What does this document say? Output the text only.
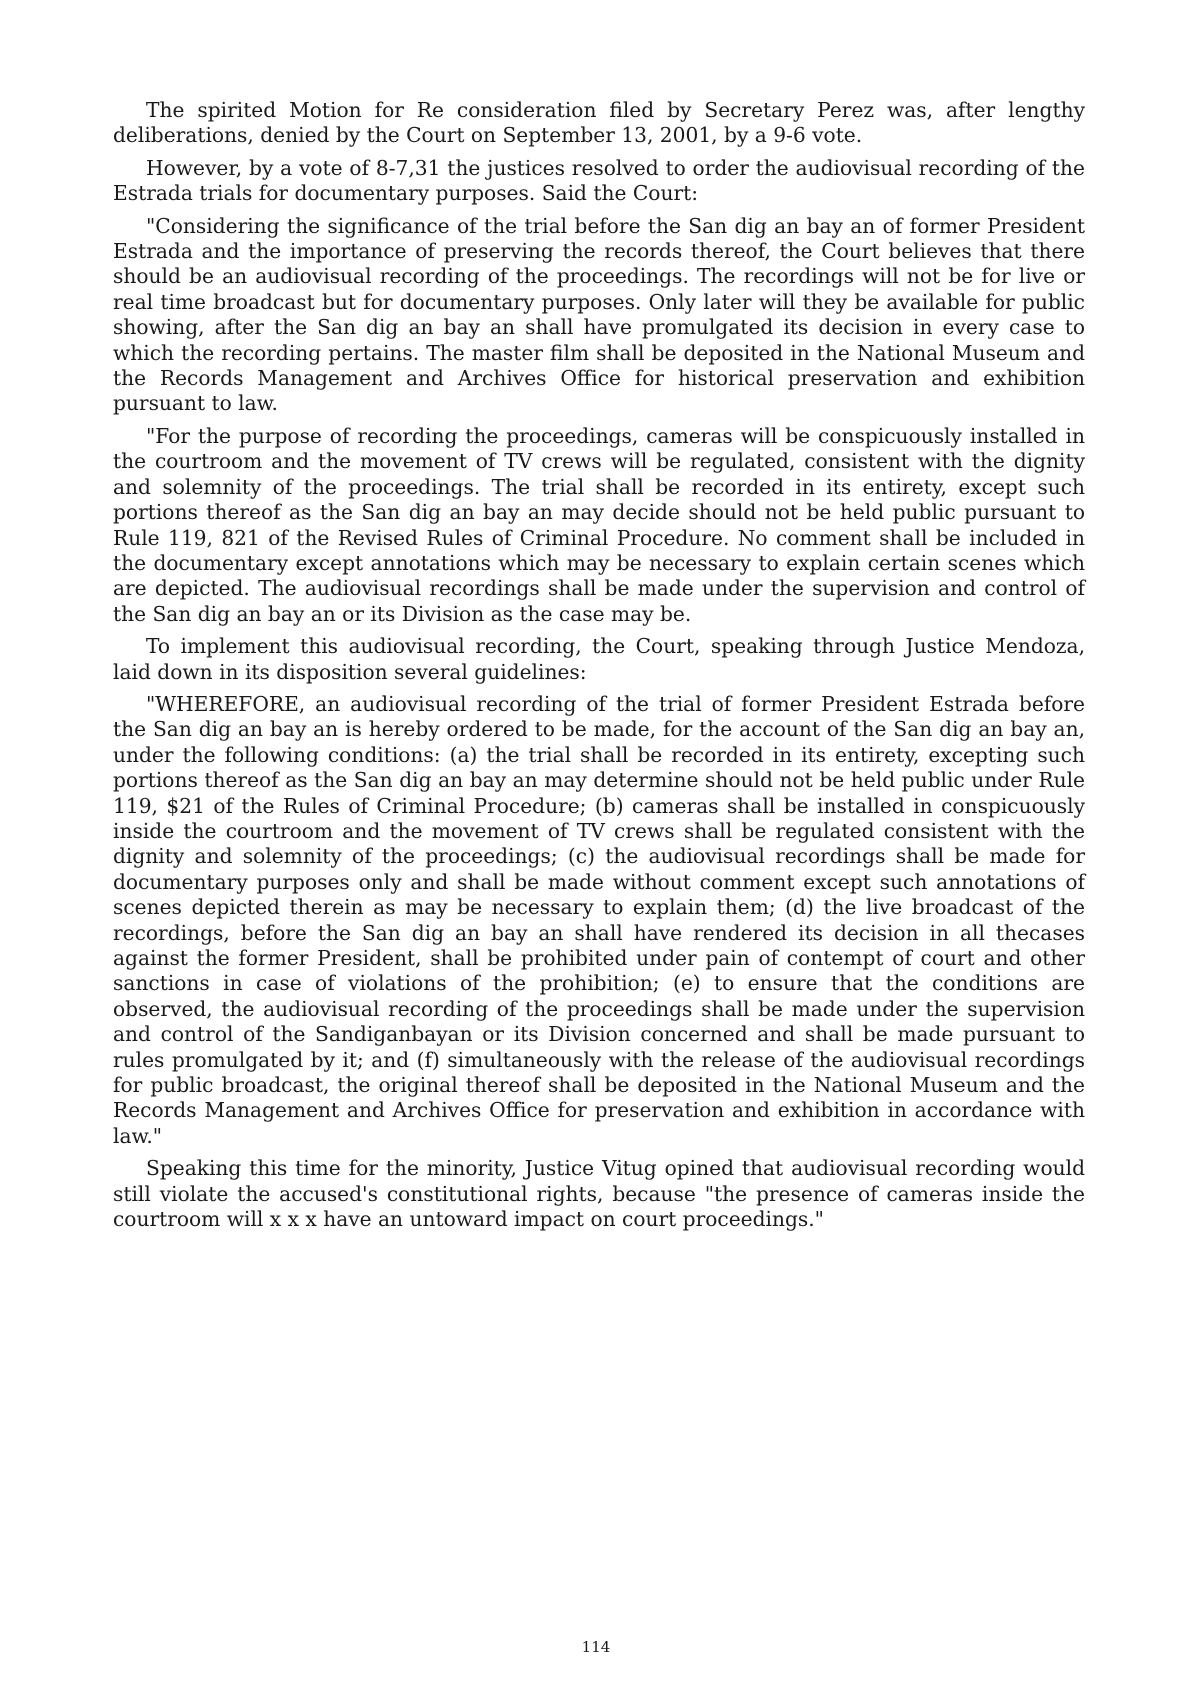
The spirited Motion for Re consideration filed by Secretary Perez was, after lengthy deliberations, denied by the Court on September 13, 2001, by a 9-6 vote.

However, by a vote of 8-7,31 the justices resolved to order the audiovisual recording of the Estrada trials for documentary purposes. Said the Court:

"Considering the significance of the trial before the San dig an bay an of former President Estrada and the importance of preserving the records thereof, the Court believes that there should be an audiovisual recording of the proceedings. The recordings will not be for live or real time broadcast but for documentary purposes. Only later will they be available for public showing, after the San dig an bay an shall have promulgated its decision in every case to which the recording pertains. The master film shall be deposited in the National Museum and the Records Management and Archives Office for historical preservation and exhibition pursuant to law.

"For the purpose of recording the proceedings, cameras will be conspicuously installed in the courtroom and the movement of TV crews will be regulated, consistent with the dignity and solemnity of the proceedings. The trial shall be recorded in its entirety, except such portions thereof as the San dig an bay an may decide should not be held public pursuant to Rule 119, 821 of the Revised Rules of Criminal Procedure. No comment shall be included in the documentary except annotations which may be necessary to explain certain scenes which are depicted. The audiovisual recordings shall be made under the supervision and control of the San dig an bay an or its Division as the case may be.

To implement this audiovisual recording, the Court, speaking through Justice Mendoza, laid down in its disposition several guidelines:

"WHEREFORE, an audiovisual recording of the trial of former President Estrada before the San dig an bay an is hereby ordered to be made, for the account of the San dig an bay an, under the following conditions: (a) the trial shall be recorded in its entirety, excepting such portions thereof as the San dig an bay an may determine should not be held public under Rule 119, $21 of the Rules of Criminal Procedure; (b) cameras shall be installed in conspicuously inside the courtroom and the movement of TV crews shall be regulated consistent with the dignity and solemnity of the proceedings; (c) the audiovisual recordings shall be made for documentary purposes only and shall be made without comment except such annotations of scenes depicted therein as may be necessary to explain them; (d) the live broadcast of the recordings, before the San dig an bay an shall have rendered its decision in all thecases against the former President, shall be prohibited under pain of contempt of court and other sanctions in case of violations of the prohibition; (e) to ensure that the conditions are observed, the audiovisual recording of the proceedings shall be made under the supervision and control of the Sandiganbayan or its Division concerned and shall be made pursuant to rules promulgated by it; and (f) simultaneously with the release of the audiovisual recordings for public broadcast, the original thereof shall be deposited in the National Museum and the Records Management and Archives Office for preservation and exhibition in accordance with law."

Speaking this time for the minority, Justice Vitug opined that audiovisual recording would still violate the accused's constitutional rights, because "the presence of cameras inside the courtroom will x x x have an untoward impact on court proceedings."

114
